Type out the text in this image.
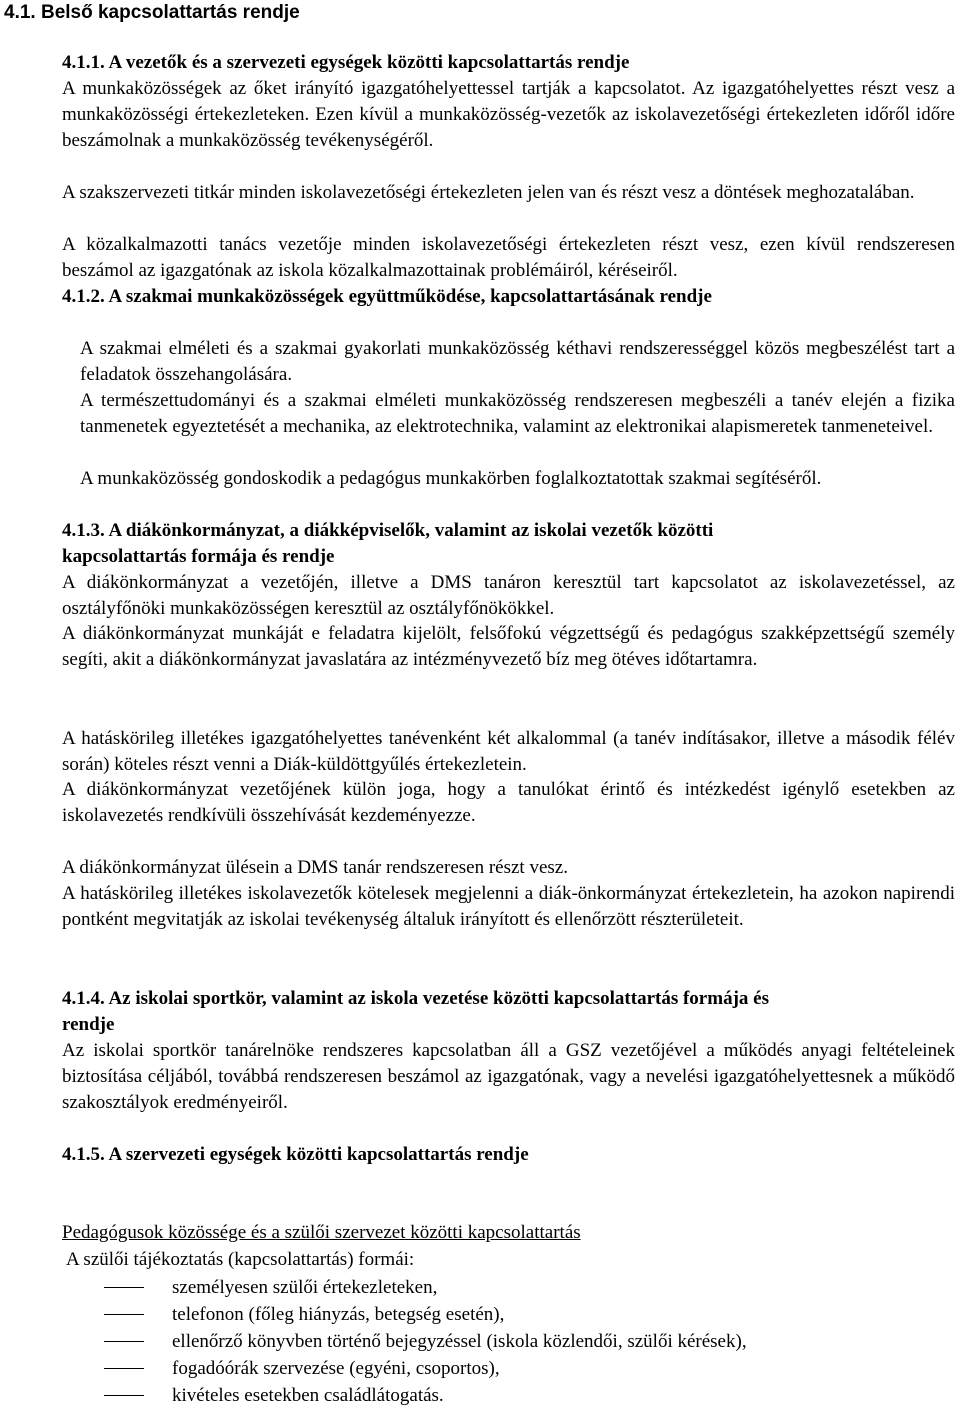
4.1. Belső kapcsolattartás rendje

4.1.1. A vezetők és a szervezeti egységek közötti kapcsolattartás rendje

A munkaközösségek az őket irányító igazgatóhelyettessel tartják a kapcsolatot. Az igazgatóhelyettes részt vesz a munkaközösségi értekezleteken. Ezen kívül a munkaközösség-vezetők az iskolavezetőségi értekezleten időről időre beszámolnak a munkaközösség tevékenységéről.

A szakszervezeti titkár minden iskolavezetőségi értekezleten jelen van és részt vesz a döntések meghozatalában.

A közalkalmazotti tanács vezetője minden iskolavezetőségi értekezleten részt vesz, ezen kívül rendszeresen beszámol az igazgatónak az iskola közalkalmazottainak problémáiról, kéréseiről.

4.1.2. A szakmai munkaközösségek együttműködése, kapcsolattartásának rendje

A szakmai elméleti és a szakmai gyakorlati munkaközösség kéthavi rendszerességgel közös megbeszélést tart a feladatok összehangolására.

A természettudományi és a szakmai elméleti munkaközösség rendszeresen megbeszéli a tanév elején a fizika tanmenetek egyeztetését a mechanika, az elektrotechnika, valamint az elektronikai alapismeretek tanmeneteivel.

A munkaközösség gondoskodik a pedagógus munkakörben foglalkoztatottak szakmai segítéséről.

4.1.3. A diákönkormányzat, a diákképviselők, valamint az iskolai vezetők közötti

kapcsolattartás formája és rendje

A diákönkormányzat a vezetőjén, illetve a DMS tanáron keresztül tart kapcsolatot az iskolavezetéssel, az osztályfőnöki munkaközösségen keresztül az osztályfőnökökkel.

A diákönkormányzat munkáját e feladatra kijelölt, felsőfokú végzettségű és pedagógus szakképzettségű személy segíti, akit a diákönkormányzat javaslatára az intézményvezető bíz meg ötéves időtartamra.

A hatáskörileg illetékes igazgatóhelyettes tanévenként két alkalommal (a tanév indításakor, illetve a második félév során) köteles részt venni a Diák-küldöttgyűlés értekezletein.

A diákönkormányzat vezetőjének külön joga, hogy a tanulókat érintő és intézkedést igénylő esetekben az iskolavezetés rendkívüli összehívását kezdeményezze.

A diákönkormányzat ülésein a DMS tanár rendszeresen részt vesz.

A hatáskörileg illetékes iskolavezetők kötelesek megjelenni a diák-önkormányzat értekezletein, ha azokon napirendi pontként megvitatják az iskolai tevékenység általuk irányított és ellenőrzött részterületeit.

4.1.4. Az iskolai sportkör, valamint az iskola vezetése közötti kapcsolattartás formája és

rendje

Az iskolai sportkör tanárelnöke rendszeres kapcsolatban áll a GSZ vezetőjével a működés anyagi feltételeinek biztosítása céljából, továbbá rendszeresen beszámol az igazgatónak, vagy a nevelési igazgatóhelyettesnek a működő szakosztályok eredményeiről.

4.1.5. A szervezeti egységek közötti kapcsolattartás rendje

Pedagógusok közössége és a szülői szervezet közötti kapcsolattartás

A szülői tájékoztatás (kapcsolattartás) formái:

személyesen szülői értekezleteken,
telefonon (főleg hiányzás, betegség esetén),
ellenőrző könyvben történő bejegyzéssel (iskola közlendői, szülői kérések),
fogadóórák szervezése (egyéni, csoportos),
kivételes esetekben családlátogatás.
